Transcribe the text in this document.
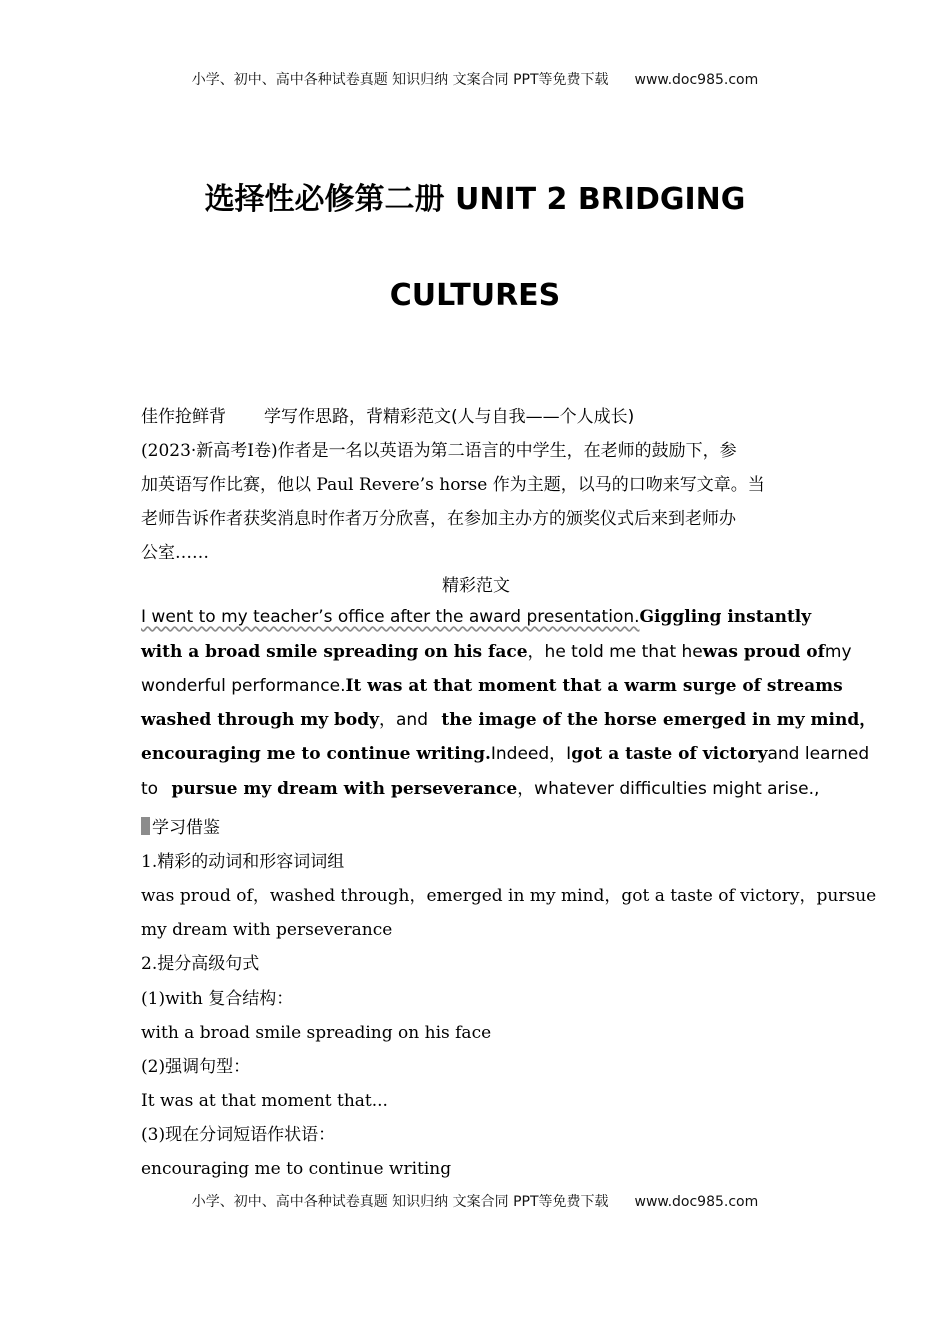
小学、初中、高中各种试卷真题 知识归纳 文案合同 PPT等免费下载 www.doc985.com
选择性必修第二册 UNIT 2 BRIDGING
CULTURES
佳作抢鲜背 学写作思路，背精彩范文(人与自我——个人成长)
(2023·新高考Ⅰ卷)作者是一名以英语为第二语言的中学生，在老师的鼓励下，参
加英语写作比赛，他以 Paul Revere’s horse 作为主题，以马的口吻来写文章。当
老师告诉作者获奖消息时作者万分欣喜，在参加主办方的颁奖仪式后来到老师办
公室……
精彩范文
I went to my teacher’s office after the award presentation. Giggling instantly
with a broad smile spreading on his face ，he told me that he was proud of my
wonderful performance. It was at that moment that a warm surge of streams
washed through my body，and the image of the horse emerged in my mind，
encouraging me to continue writing. Indeed，I got a taste of victory and learned
to pursue my dream with perseverance，whatever difficulties might arise.,
学习借鉴
1.精彩的动词和形容词词组
was proud of，washed through，emerged in my mind，got a taste of victory，pursue
my dream with perseverance
2.提分高级句式
(1)with 复合结构：
with a broad smile spreading on his face
(2)强调句型：
It was at that moment that...
(3)现在分词短语作状语：
encouraging me to continue writing
小学、初中、高中各种试卷真题 知识归纳 文案合同 PPT等免费下载 www.doc985.com
